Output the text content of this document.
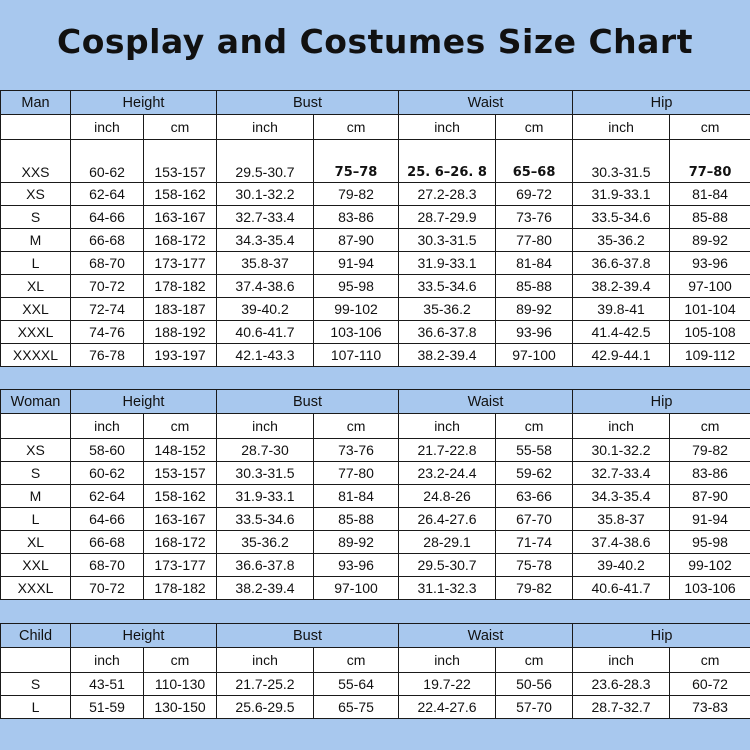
Cosplay and Costumes Size Chart
Man	Height		Bust		Waist		Hip	
	inch	cm	inch	cm	inch	cm	inch	cm
XXS	60-62	153-157	29.5-30.7	75–78	25. 6–26. 8	65–68	30.3-31.5	77–80
XS	62-64	158-162	30.1-32.2	79-82	27.2-28.3	69-72	31.9-33.1	81-84
S	64-66	163-167	32.7-33.4	83-86	28.7-29.9	73-76	33.5-34.6	85-88
M	66-68	168-172	34.3-35.4	87-90	30.3-31.5	77-80	35-36.2	89-92
L	68-70	173-177	35.8-37	91-94	31.9-33.1	81-84	36.6-37.8	93-96
XL	70-72	178-182	37.4-38.6	95-98	33.5-34.6	85-88	38.2-39.4	97-100
XXL	72-74	183-187	39-40.2	99-102	35-36.2	89-92	39.8-41	101-104
XXXL	74-76	188-192	40.6-41.7	103-106	36.6-37.8	93-96	41.4-42.5	105-108
XXXXL	76-78	193-197	42.1-43.3	107-110	38.2-39.4	97-100	42.9-44.1	109-112
Woman	Height		Bust		Waist		Hip	
	inch	cm	inch	cm	inch	cm	inch	cm
XS	58-60	148-152	28.7-30	73-76	21.7-22.8	55-58	30.1-32.2	79-82
S	60-62	153-157	30.3-31.5	77-80	23.2-24.4	59-62	32.7-33.4	83-86
M	62-64	158-162	31.9-33.1	81-84	24.8-26	63-66	34.3-35.4	87-90
L	64-66	163-167	33.5-34.6	85-88	26.4-27.6	67-70	35.8-37	91-94
XL	66-68	168-172	35-36.2	89-92	28-29.1	71-74	37.4-38.6	95-98
XXL	68-70	173-177	36.6-37.8	93-96	29.5-30.7	75-78	39-40.2	99-102
XXXL	70-72	178-182	38.2-39.4	97-100	31.1-32.3	79-82	40.6-41.7	103-106
Child	Height		Bust		Waist		Hip	
	inch	cm	inch	cm	inch	cm	inch	cm
S	43-51	110-130	21.7-25.2	55-64	19.7-22	50-56	23.6-28.3	60-72
L	51-59	130-150	25.6-29.5	65-75	22.4-27.6	57-70	28.7-32.7	73-83
